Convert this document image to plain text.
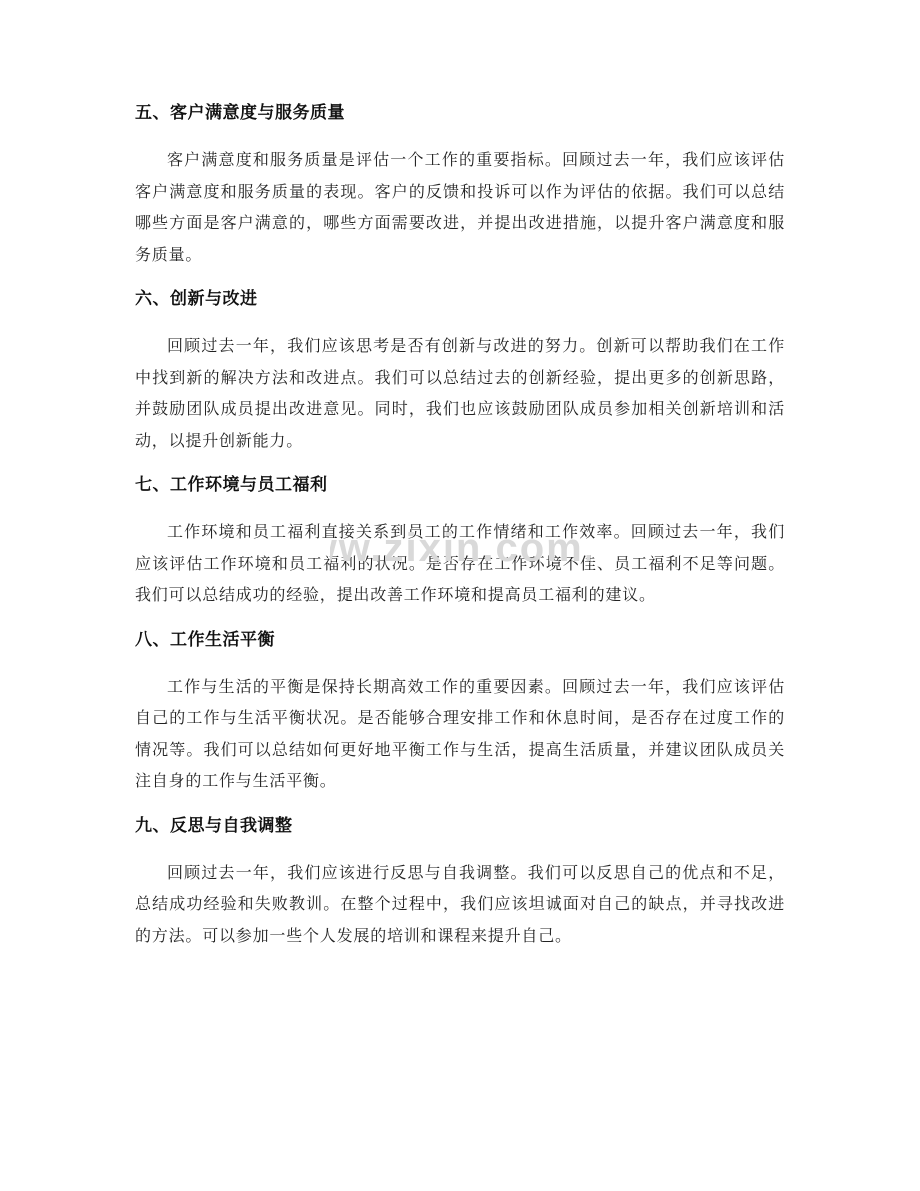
五、客户满意度与服务质量

客户满意度和服务质量是评估一个工作的重要指标。回顾过去一年，我们应该评估客户满意度和服务质量的表现。客户的反馈和投诉可以作为评估的依据。我们可以总结哪些方面是客户满意的，哪些方面需要改进，并提出改进措施，以提升客户满意度和服务质量。

六、创新与改进

回顾过去一年，我们应该思考是否有创新与改进的努力。创新可以帮助我们在工作中找到新的解决方法和改进点。我们可以总结过去的创新经验，提出更多的创新思路，并鼓励团队成员提出改进意见。同时，我们也应该鼓励团队成员参加相关创新培训和活动，以提升创新能力。

七、工作环境与员工福利

工作环境和员工福利直接关系到员工的工作情绪和工作效率。回顾过去一年，我们应该评估工作环境和员工福利的状况。是否存在工作环境不佳、员工福利不足等问题。我们可以总结成功的经验，提出改善工作环境和提高员工福利的建议。

八、工作生活平衡

工作与生活的平衡是保持长期高效工作的重要因素。回顾过去一年，我们应该评估自己的工作与生活平衡状况。是否能够合理安排工作和休息时间，是否存在过度工作的情况等。我们可以总结如何更好地平衡工作与生活，提高生活质量，并建议团队成员关注自身的工作与生活平衡。

九、反思与自我调整

回顾过去一年，我们应该进行反思与自我调整。我们可以反思自己的优点和不足，总结成功经验和失败教训。在整个过程中，我们应该坦诚面对自己的缺点，并寻找改进的方法。可以参加一些个人发展的培训和课程来提升自己。

w.zixin.com
